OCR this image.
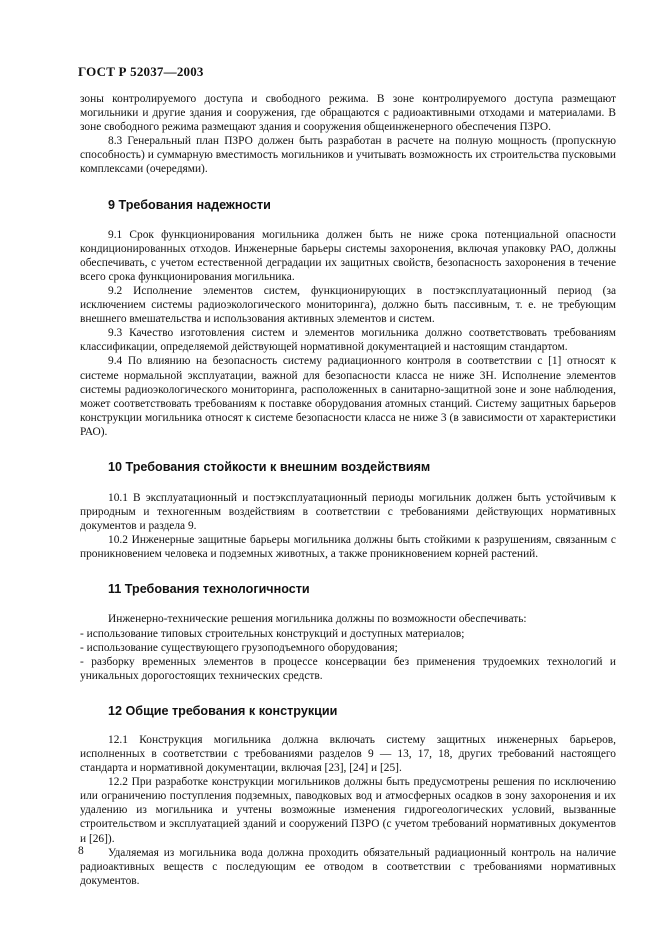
ГОСТ Р 52037—2003

зоны контролируемого доступа и свободного режима. В зоне контролируемого доступа размещают могильники и другие здания и сооружения, где обращаются с радиоактивными отходами и материалами. В зоне свободного режима размещают здания и сооружения общеинженерного обеспечения ПЗРО.

8.3 Генеральный план ПЗРО должен быть разработан в расчете на полную мощность (пропускную способность) и суммарную вместимость могильников и учитывать возможность их строительства пусковыми комплексами (очередями).

9 Требования надежности

9.1 Срок функционирования могильника должен быть не ниже срока потенциальной опасности кондиционированных отходов. Инженерные барьеры системы захоронения, включая упаковку РАО, должны обеспечивать, с учетом естественной деградации их защитных свойств, безопасность захоронения в течение всего срока функционирования могильника.

9.2 Исполнение элементов систем, функционирующих в постэксплуатационный период (за исключением системы радиоэкологического мониторинга), должно быть пассивным, т. е. не требующим внешнего вмешательства и использования активных элементов и систем.

9.3 Качество изготовления систем и элементов могильника должно соответствовать требованиям классификации, определяемой действующей нормативной документацией и настоящим стандартом.

9.4 По влиянию на безопасность систему радиационного контроля в соответствии с [1] относят к системе нормальной эксплуатации, важной для безопасности класса не ниже 3Н. Исполнение элементов системы радиоэкологического мониторинга, расположенных в санитарно-защитной зоне и зоне наблюдения, может соответствовать требованиям к поставке оборудования атомных станций. Систему защитных барьеров конструкции могильника относят к системе безопасности класса не ниже 3 (в зависимости от характеристики РАО).

10 Требования стойкости к внешним воздействиям

10.1 В эксплуатационный и постэксплуатационный периоды могильник должен быть устойчивым к природным и техногенным воздействиям в соответствии с требованиями действующих нормативных документов и раздела 9.

10.2 Инженерные защитные барьеры могильника должны быть стойкими к разрушениям, связанным с проникновением человека и подземных животных, а также проникновением корней растений.

11 Требования технологичности

Инженерно-технические решения могильника должны по возможности обеспечивать:

- использование типовых строительных конструкций и доступных материалов;
- использование существующего грузоподъемного оборудования;
- разборку временных элементов в процессе консервации без применения трудоемких технологий и уникальных дорогостоящих технических средств.
12 Общие требования к конструкции

12.1 Конструкция могильника должна включать систему защитных инженерных барьеров, исполненных в соответствии с требованиями разделов 9 — 13, 17, 18, других требований настоящего стандарта и нормативной документации, включая [23], [24] и [25].

12.2 При разработке конструкции могильников должны быть предусмотрены решения по исключению или ограничению поступления подземных, паводковых вод и атмосферных осадков в зону захоронения и их удалению из могильника и учтены возможные изменения гидрогеологических условий, вызванные строительством и эксплуатацией зданий и сооружений ПЗРО (с учетом требований нормативных документов и [26]).

Удаляемая из могильника вода должна проходить обязательный радиационный контроль на наличие радиоактивных веществ с последующим ее отводом в соответствии с требованиями нормативных документов.

8
